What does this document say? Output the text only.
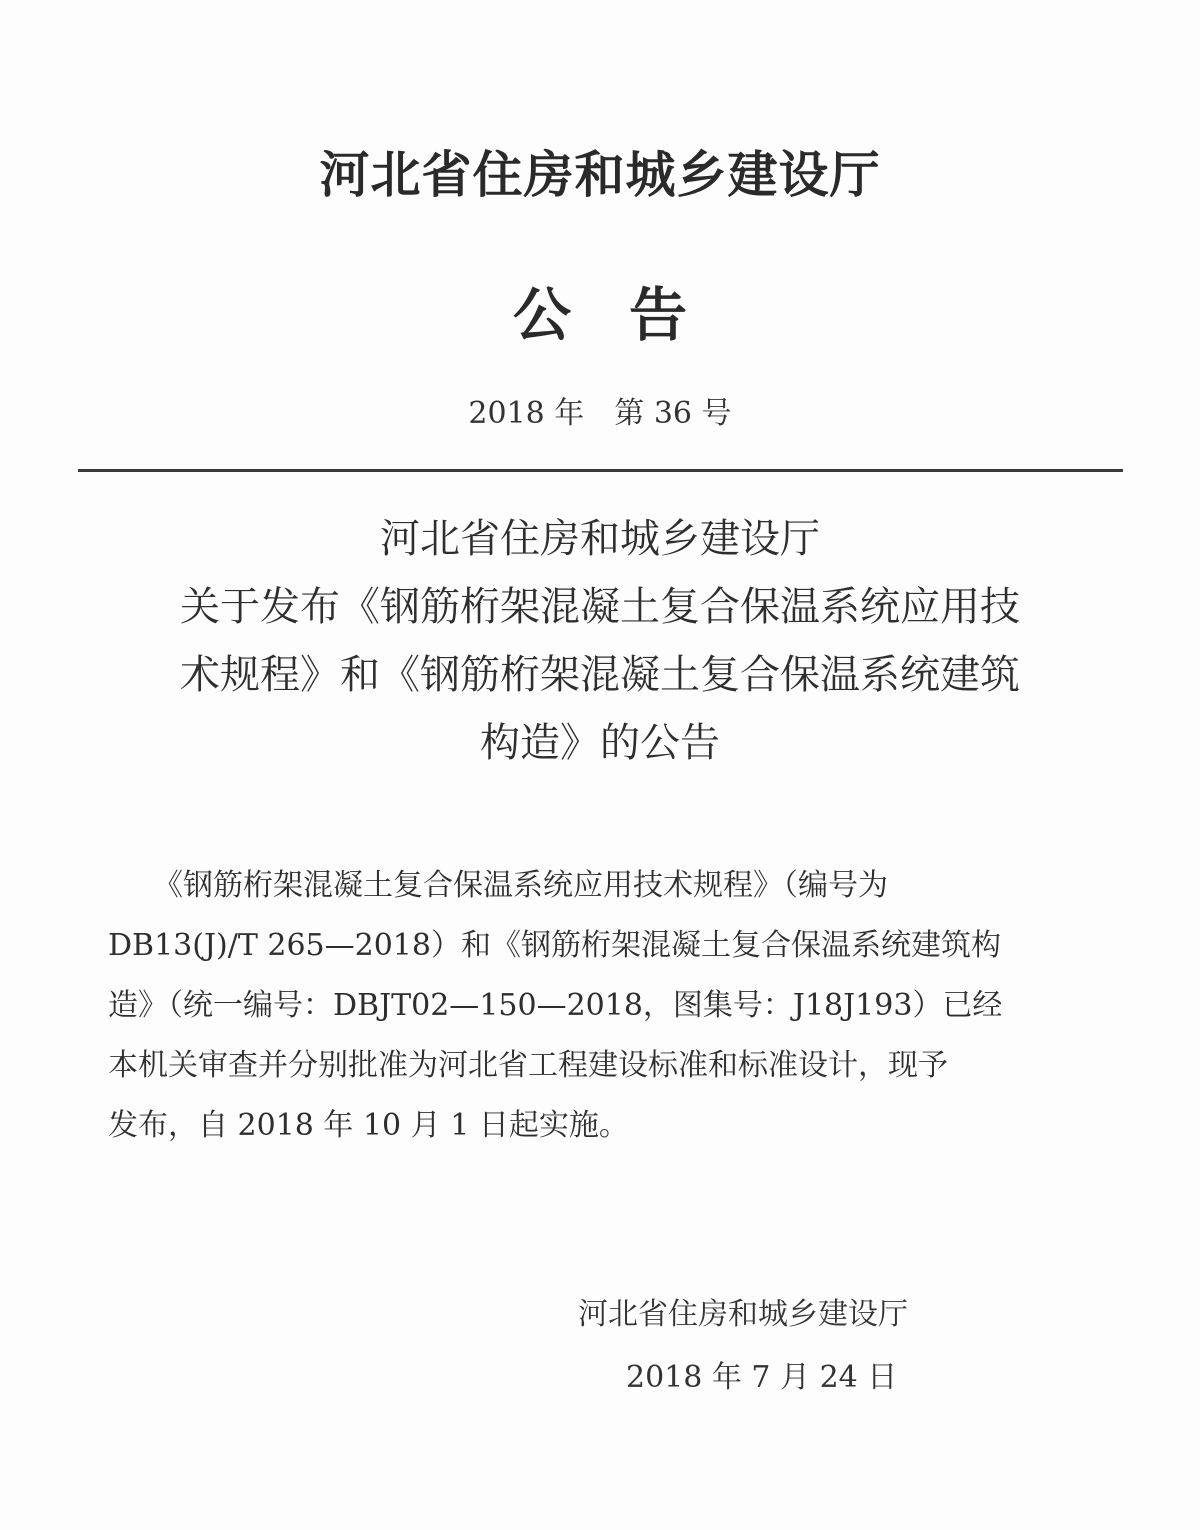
河北省住房和城乡建设厅
公　告
2018 年　第 36 号
河北省住房和城乡建设厅
关于发布《钢筋桁架混凝土复合保温系统应用技
术规程》和《钢筋桁架混凝土复合保温系统建筑
构造》的公告
　　《钢筋桁架混凝土复合保温系统应用技术规程》（编号为
DB13(J)/T 265—2018）和《钢筋桁架混凝土复合保温系统建筑构
造》（统一编号：DBJT02—150—2018，图集号：J18J193）已经
本机关审查并分别批准为河北省工程建设标准和标准设计，现予
发布，自 2018 年 10 月 1 日起实施。
河北省住房和城乡建设厅
2018 年 7 月 24 日
